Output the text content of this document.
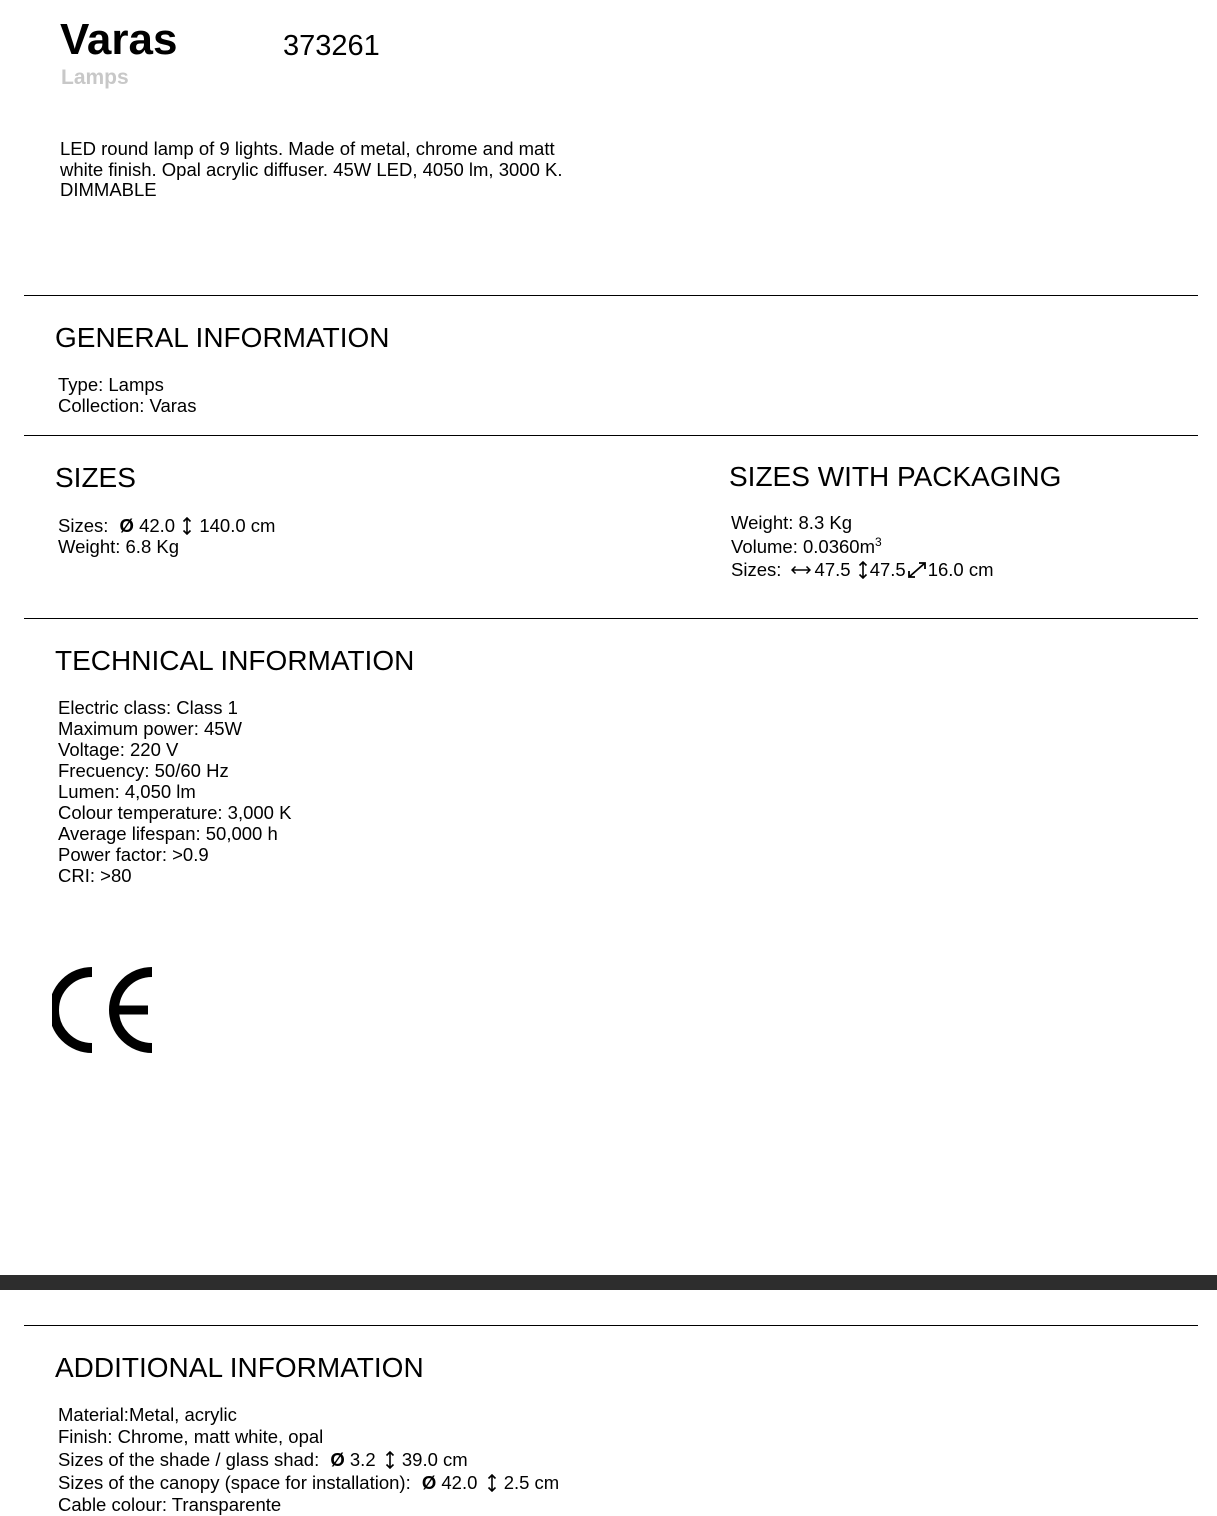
Varas	373261
Lamps
LED round lamp of 9 lights. Made of metal, chrome and matt white finish. Opal acrylic diffuser. 45W LED, 4050 lm, 3000 K. DIMMABLE
GENERAL INFORMATION
Type: Lamps
Collection: Varas
SIZES
Sizes: Ø 42.0 140.0 cm
Weight: 6.8 Kg
SIZES WITH PACKAGING
Weight: 8.3 Kg
Volume: $0.0360m^3$
Sizes: 47.5 47.5 16.0 cm
TECHNICAL INFORMATION
Electric class: Class 1
Maximum power: 45W
Voltage: 220 V
Frecuency: 50/60 Hz
Lumen: 4,050 lm
Colour temperature: 3,000 K
Average lifespan: 50,000 h
Power factor: >0.9
CRI: >80
ADDITIONAL INFORMATION
Material:Metal, acrylic
Finish: Chrome, matt white, opal
Sizes of the shade / glass shad: Ø 3.2 39.0 cm
Sizes of the canopy (space for installation): Ø 42.0 2.5 cm
Cable colour: Transparente
